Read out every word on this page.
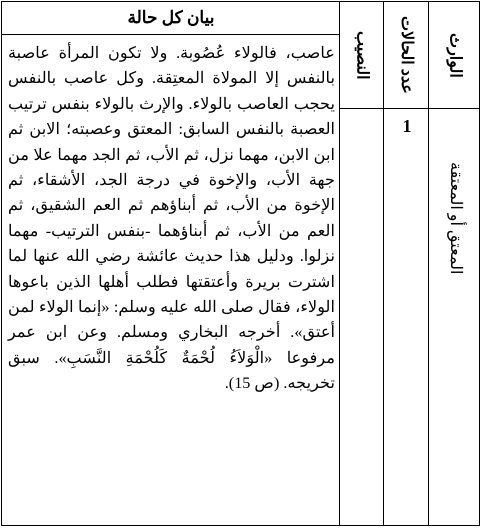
بيان كل حالة
النصيب عدد الحالات الوارث
المعتق أو المعتقة
1

عاصب، فالولاء عُصُوبة. ولا تكون المرأة عاصبة بالنفس إلا المولاة المعتِقة. وكل عاصب بالنفس يحجب العاصب بالولاء. والإرث بالولاء بنفس ترتيب العصبة بالنفس السابق: المعتق وعصبته؛ الابن ثم ابن الابن، مهما نزل، ثم الأب، ثم الجد مهما علا من جهة الأب، والإخوة في درجة الجد، الأشقاء، ثم الإخوة من الأب، ثم أبناؤهم ثم العم الشقيق، ثم العم من الأب، ثم أبناؤهما -بنفس الترتيب- مهما نزلوا. ودليل هذا حديث عائشة رضي الله عنها لما اشترت بريرة وأعتقتها فطلب أهلها الذين باعوها الولاء، فقال صلى الله عليه وسلم: «إنما الولاء لمن أعتق». أخرجه البخاري ومسلم. وعن ابن عمر مرفوعا «الْوَلاَءُ لُحْمَةٌ كَلُحْمَةِ النَّسَبِ». سبق تخريجه. (ص 15).
